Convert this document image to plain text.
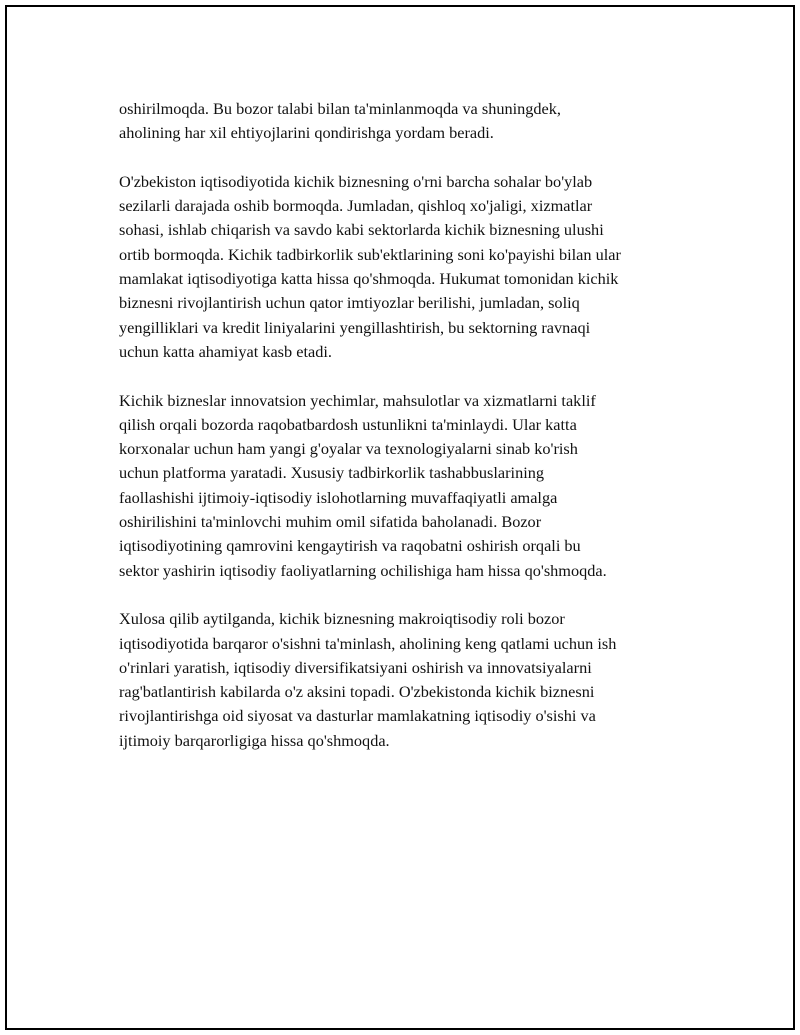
oshirilmoqda. Bu bozor talabi bilan ta'minlanmoqda va shuningdek,
aholining har xil ehtiyojlarini qondirishga yordam beradi.

O'zbekiston iqtisodiyotida kichik biznesning o'rni barcha sohalar bo'ylab
sezilarli darajada oshib bormoqda. Jumladan, qishloq xo'jaligi, xizmatlar
sohasi, ishlab chiqarish va savdo kabi sektorlarda kichik biznesning ulushi
ortib bormoqda. Kichik tadbirkorlik sub'ektlarining soni ko'payishi bilan ular
mamlakat iqtisodiyotiga katta hissa qo'shmoqda. Hukumat tomonidan kichik
biznesni rivojlantirish uchun qator imtiyozlar berilishi, jumladan, soliq
yengilliklari va kredit liniyalarini yengillashtirish, bu sektorning ravnaqi
uchun katta ahamiyat kasb etadi.

Kichik bizneslar innovatsion yechimlar, mahsulotlar va xizmatlarni taklif
qilish orqali bozorda raqobatbardosh ustunlikni ta'minlaydi. Ular katta
korxonalar uchun ham yangi g'oyalar va texnologiyalarni sinab ko'rish
uchun platforma yaratadi. Xususiy tadbirkorlik tashabbuslarining
faollashishi ijtimoiy-iqtisodiy islohotlarning muvaffaqiyatli amalga
oshirilishini ta'minlovchi muhim omil sifatida baholanadi. Bozor
iqtisodiyotining qamrovini kengaytirish va raqobatni oshirish orqali bu
sektor yashirin iqtisodiy faoliyatlarning ochilishiga ham hissa qo'shmoqda.

Xulosa qilib aytilganda, kichik biznesning makroiqtisodiy roli bozor
iqtisodiyotida barqaror o'sishni ta'minlash, aholining keng qatlami uchun ish
o'rinlari yaratish, iqtisodiy diversifikatsiyani oshirish va innovatsiyalarni
rag'batlantirish kabilarda o'z aksini topadi. O'zbekistonda kichik biznesni
rivojlantirishga oid siyosat va dasturlar mamlakatning iqtisodiy o'sishi va
ijtimoiy barqarorligiga hissa qo'shmoqda.
